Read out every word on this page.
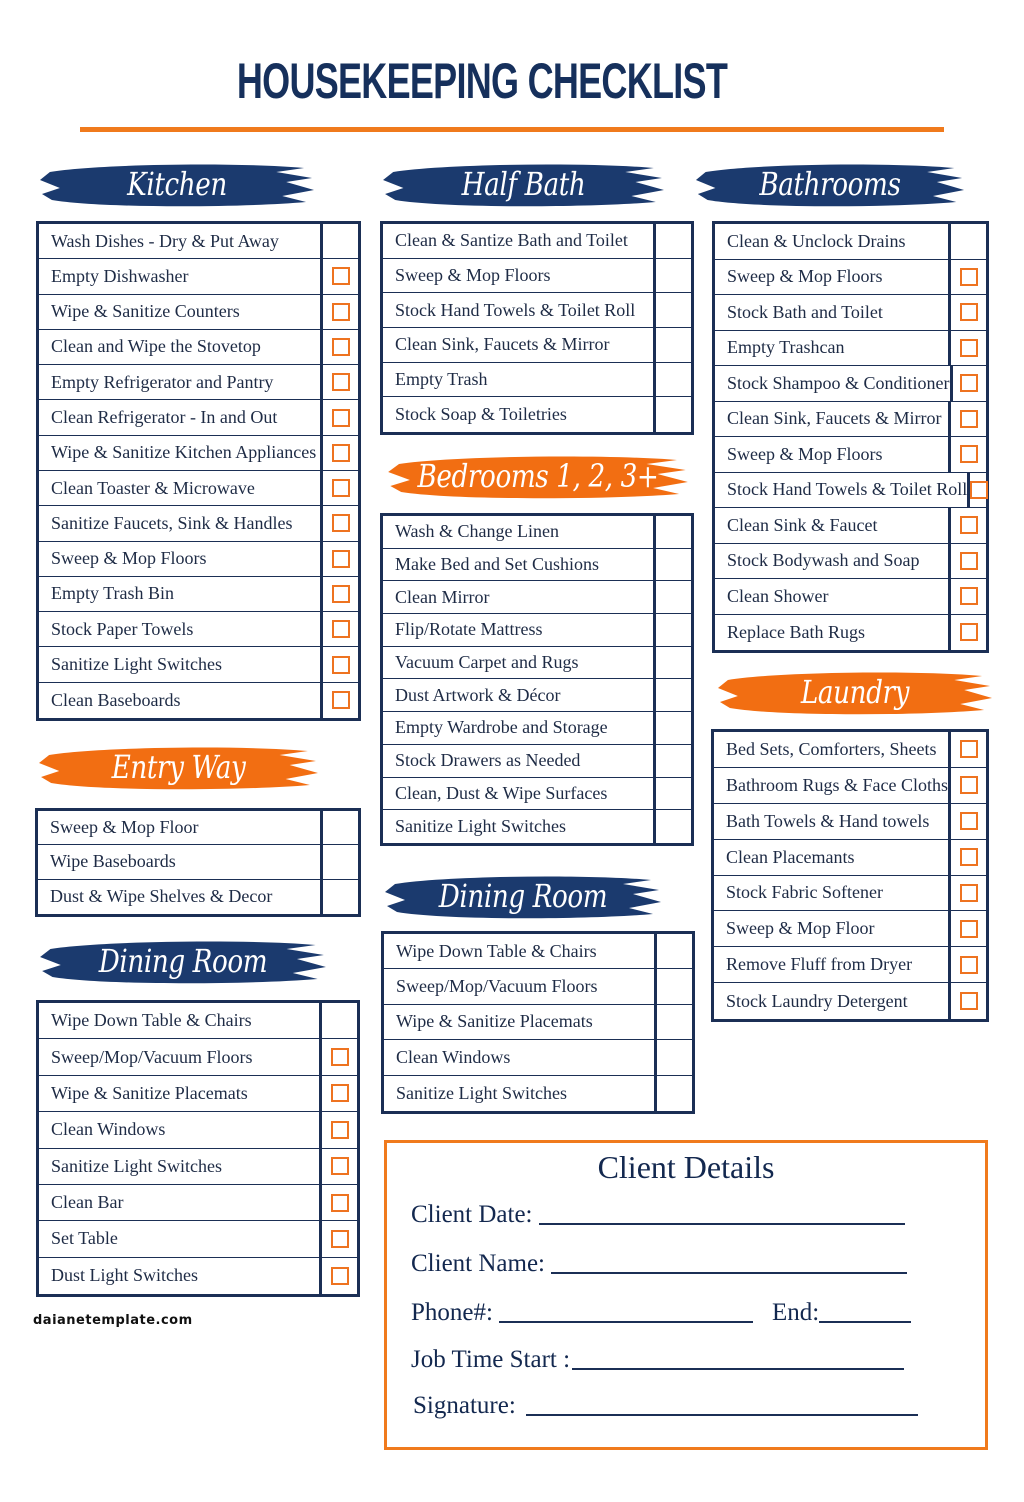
HOUSEKEEPING CHECKLIST
Kitchen	Half Bath	Bathrooms
Bedrooms 1, 2, 3+
Laundry
Entry Way
Dining Room
Dining Room
Wash Dishes - Dry & Put Away
Empty Dishwasher
Wipe & Sanitize Counters
Clean and Wipe the Stovetop
Empty Refrigerator and Pantry
Clean Refrigerator - In and Out
Wipe & Sanitize Kitchen Appliances
Clean Toaster & Microwave
Sanitize Faucets, Sink & Handles
Sweep & Mop Floors
Empty Trash Bin
Stock Paper Towels
Sanitize Light Switches
Clean Baseboards
Clean & Santize Bath and Toilet
Sweep & Mop Floors
Stock Hand Towels & Toilet Roll
Clean Sink, Faucets & Mirror
Empty Trash
Stock Soap & Toiletries
Clean & Unclock Drains
Sweep & Mop Floors
Stock Bath and Toilet
Empty Trashcan
Stock Shampoo & Conditioner
Clean Sink, Faucets & Mirror
Sweep & Mop Floors
Stock Hand Towels & Toilet Roll
Clean Sink & Faucet
Stock Bodywash and Soap
Clean Shower
Replace Bath Rugs
Wash & Change Linen
Make Bed and Set Cushions
Clean Mirror
Flip/Rotate Mattress
Vacuum Carpet and Rugs
Dust Artwork & Décor
Empty Wardrobe and Storage
Stock Drawers as Needed
Clean, Dust & Wipe Surfaces
Sanitize Light Switches
Bed Sets, Comforters, Sheets
Bathroom Rugs & Face Cloths
Bath Towels & Hand towels
Clean Placemants
Stock Fabric Softener
Sweep & Mop Floor
Remove Fluff from Dryer
Stock Laundry Detergent
Sweep & Mop Floor
Wipe Baseboards
Dust & Wipe Shelves & Decor
Wipe Down Table & Chairs
Sweep/Mop/Vacuum Floors
Wipe & Sanitize Placemats
Clean Windows
Sanitize Light Switches
Clean Bar
Set Table
Dust Light Switches
Wipe Down Table & Chairs
Sweep/Mop/Vacuum Floors
Wipe & Sanitize Placemats
Clean Windows
Sanitize Light Switches
Client Details
Client Date:
Client Name:
Phone#:	End:
Job Time Start :
Signature:
daianetemplate.com
